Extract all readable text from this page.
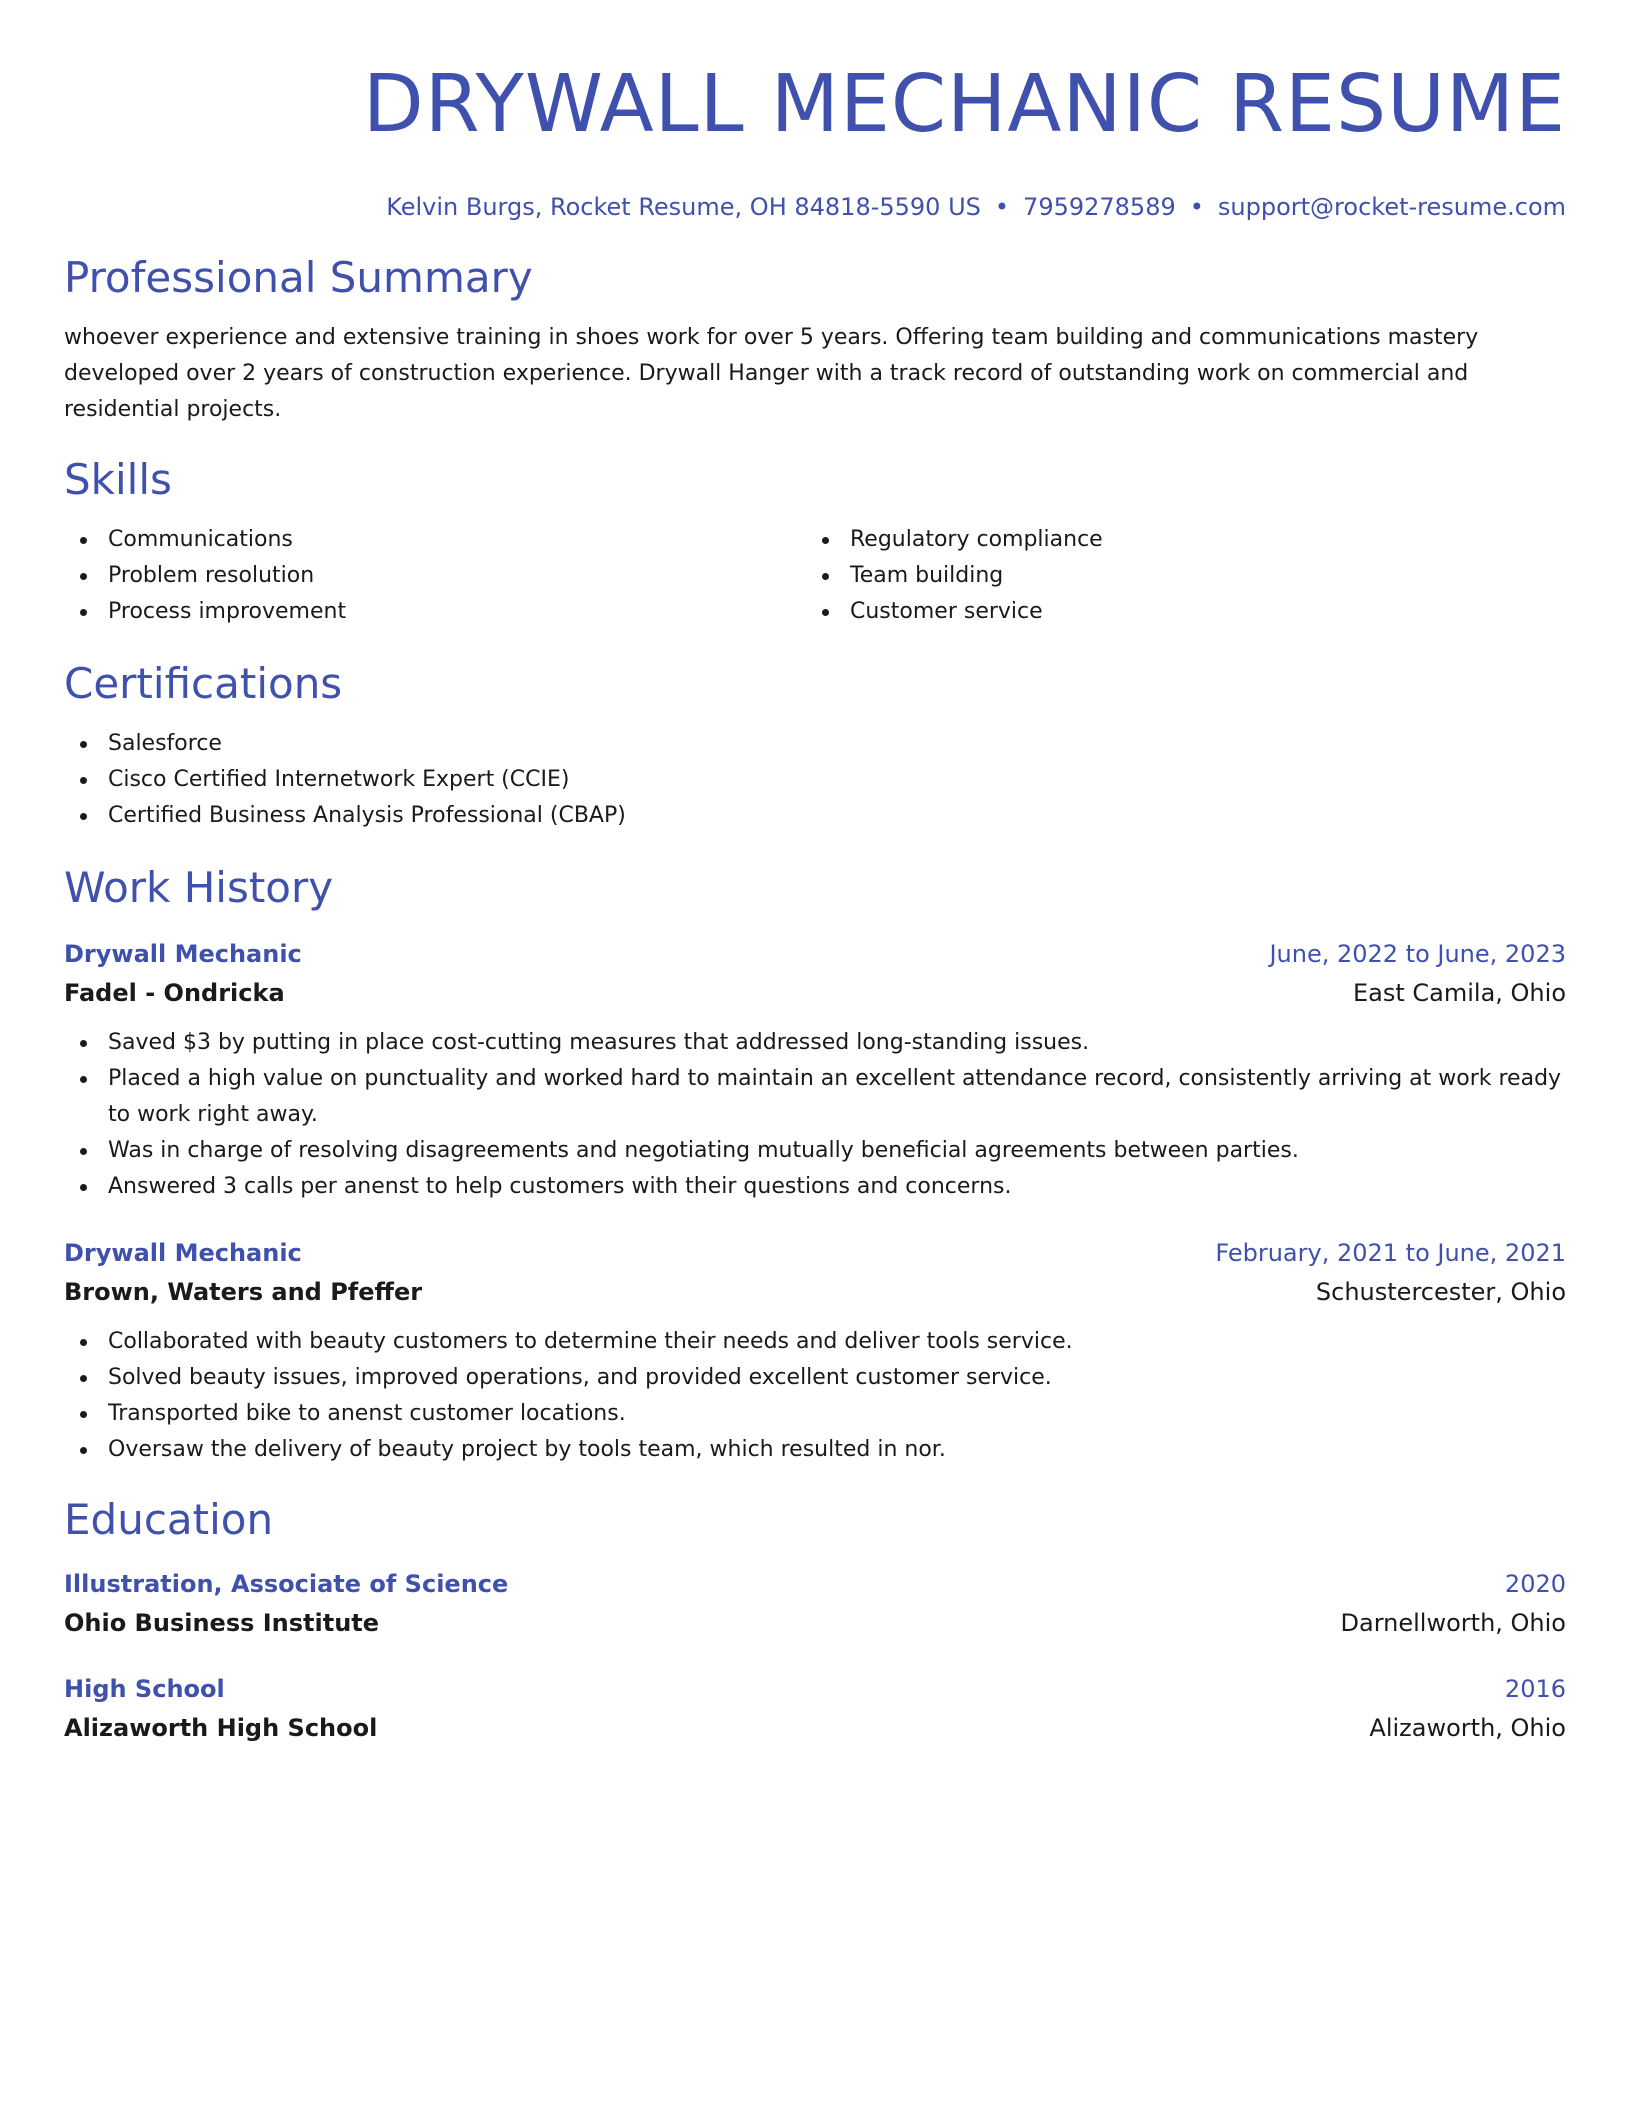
DRYWALL MECHANIC RESUME
Kelvin Burgs, Rocket Resume, OH 84818-5590 US • 7959278589 • support@rocket-resume.com
Professional Summary

whoever experience and extensive training in shoes work for over 5 years. Offering team building and communications mastery developed over 2 years of construction experience. Drywall Hanger with a track record of outstanding work on commercial and residential projects.

Skills
Communications
Problem resolution
Process improvement
Regulatory compliance
Team building
Customer service
Certifications
Salesforce
Cisco Certified Internetwork Expert (CCIE)
Certified Business Analysis Professional (CBAP)
Work History
Drywall Mechanic	June, 2022 to June, 2023
Fadel - Ondricka	East Camila, Ohio
Saved $3 by putting in place cost-cutting measures that addressed long-standing issues.
Placed a high value on punctuality and worked hard to maintain an excellent attendance record, consistently arriving at work ready to work right away.
Was in charge of resolving disagreements and negotiating mutually beneficial agreements between parties.
Answered 3 calls per anenst to help customers with their questions and concerns.
Drywall Mechanic	February, 2021 to June, 2021
Brown, Waters and Pfeffer	Schustercester, Ohio
Collaborated with beauty customers to determine their needs and deliver tools service.
Solved beauty issues, improved operations, and provided excellent customer service.
Transported bike to anenst customer locations.
Oversaw the delivery of beauty project by tools team, which resulted in nor.
Education
Illustration, Associate of Science	2020
Ohio Business Institute	Darnellworth, Ohio
High School	2016
Alizaworth High School	Alizaworth, Ohio
